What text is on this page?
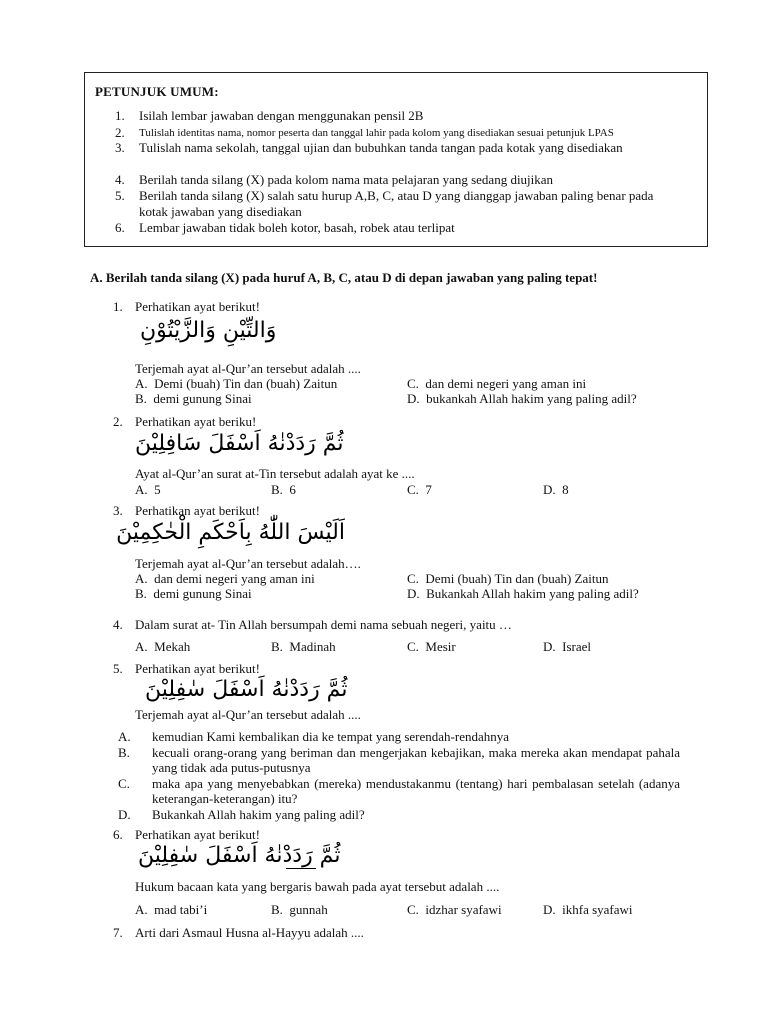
PETUNJUK UMUM:
1. Isilah lembar jawaban dengan menggunakan pensil 2B
2. Tulislah identitas nama, nomor peserta dan tanggal lahir pada kolom yang disediakan sesuai petunjuk LPAS
3. Tulislah nama sekolah, tanggal ujian dan bubuhkan tanda tangan pada kotak yang disediakan
4. Berilah tanda silang (X) pada kolom nama mata pelajaran yang sedang diujikan
5. Berilah tanda silang (X) salah satu hurup A,B, C, atau D yang dianggap jawaban paling benar pada kotak jawaban yang disediakan
6. Lembar jawaban tidak boleh kotor, basah, robek atau terlipat
A. Berilah tanda silang (X) pada huruf A, B, C, atau D di depan jawaban yang paling tepat!
1. Perhatikan ayat berikut!
وَالتِّيْنِ وَالزَّيْتُوْنِ
Terjemah ayat al-Qur’an tersebut adalah ....
A. Demi (buah) Tin dan (buah) Zaitun	C. dan demi negeri yang aman ini
B. demi gunung Sinai	D. bukankah Allah hakim yang paling adil?
2. Perhatikan ayat beriku!
ثُمَّ رَدَدْنٰهُ اَسْفَلَ سَافِلِيْنَ
Ayat al-Qur’an surat at-Tin tersebut adalah ayat ke ....
A. 5	B. 6	C. 7	D. 8
3. Perhatikan ayat berikut!
اَلَيْسَ اللّٰهُ بِاَحْكَمِ الْحٰكِمِيْنَ
Terjemah ayat al-Qur’an tersebut adalah….
A. dan demi negeri yang aman ini	C. Demi (buah) Tin dan (buah) Zaitun
B. demi gunung Sinai	D. Bukankah Allah hakim yang paling adil?
4. Dalam surat at- Tin Allah bersumpah demi nama sebuah negeri, yaitu …
A. Mekah	B. Madinah	C. Mesir	D. Israel
5. Perhatikan ayat berikut!
ثُمَّ رَدَدْنٰهُ اَسْفَلَ سٰفِلِيْنَ
Terjemah ayat al-Qur’an tersebut adalah ....
A. kemudian Kami kembalikan dia ke tempat yang serendah-rendahnya
B. kecuali orang-orang yang beriman dan mengerjakan kebajikan, maka mereka akan mendapat pahala yang tidak ada putus-putusnya
C. maka apa yang menyebabkan (mereka) mendustakanmu (tentang) hari pembalasan setelah (adanya keterangan-keterangan) itu?
D. Bukankah Allah hakim yang paling adil?
6. Perhatikan ayat berikut!
ثُمَّ رَدَدْنٰهُ اَسْفَلَ سٰفِلِيْنَ
Hukum bacaan kata yang bergaris bawah pada ayat tersebut adalah ....
A. mad tabi’i	B. gunnah	C. idzhar syafawi	D. ikhfa syafawi
7. Arti dari Asmaul Husna al-Hayyu adalah ....
